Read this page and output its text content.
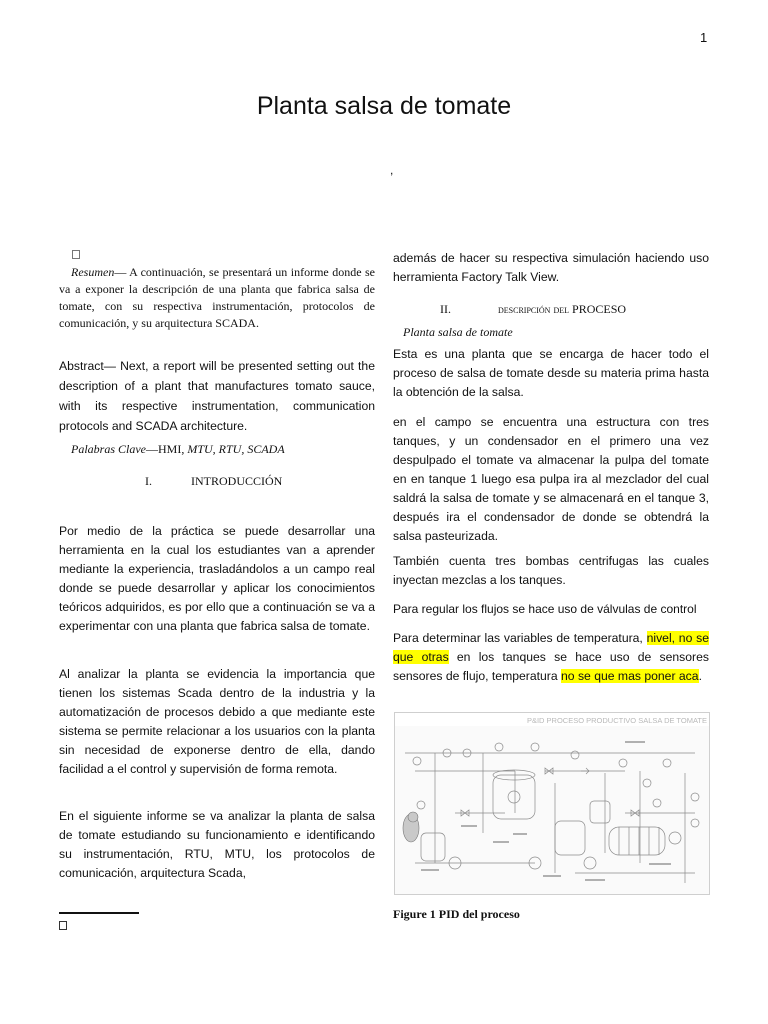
1
Planta salsa de tomate
,
Resumen— A continuación, se presentará un informe donde se va a exponer la descripción de una planta que fabrica salsa de tomate, con su respectiva instrumentación, protocolos de comunicación, y su arquitectura SCADA.
Abstract— Next, a report will be presented setting out the description of a plant that manufactures tomato sauce, with its respective instrumentation, communication protocols and SCADA architecture.
Palabras Clave—HMI, MTU, RTU, SCADA
I.	INTRODUCCIÓN
Por medio de la práctica se puede desarrollar una herramienta en la cual los estudiantes van a aprender mediante la experiencia, trasladándolos a un campo real donde se puede desarrollar y aplicar los conocimientos teóricos adquiridos, es por ello que a continuación se va a experimentar con una planta que fabrica salsa de tomate.
Al analizar la planta se evidencia la importancia que tienen los sistemas Scada dentro de la industria y la automatización de procesos debido a que mediante este sistema se permite relacionar a los usuarios con la planta sin necesidad de exponerse dentro de ella, dando facilidad a el control y supervisión de forma remota.
En el siguiente informe se va analizar la planta de salsa de tomate estudiando su funcionamiento e identificando su instrumentación, RTU, MTU, los protocolos de comunicación, arquitectura Scada,
además de hacer su respectiva simulación haciendo uso herramienta Factory Talk View.
II.	descripción del PROCESO
Planta salsa de tomate
Esta es una planta que se encarga de hacer todo el proceso de salsa de tomate desde su materia prima hasta la obtención de la salsa.
en el campo se encuentra una estructura con tres tanques, y un condensador en el primero una vez despulpado el tomate va almacenar la pulpa del tomate en en tanque 1 luego esa pulpa ira al mezclador del cual saldrá la salsa de tomate y se almacenará en el tanque 3, después ira el condensador de donde se obtendrá la salsa pasteurizada.
También cuenta tres bombas centrifugas las cuales inyectan mezclas a los tanques.
Para regular los flujos se hace uso de válvulas de control
Para determinar las variables de temperatura, nivel, no se que otras en los tanques se hace uso de sensores sensores de flujo, temperatura no se que mas poner aca.
P&ID PROCESO PRODUCTIVO SALSA DE TOMATE
Figure 1 PID del proceso
